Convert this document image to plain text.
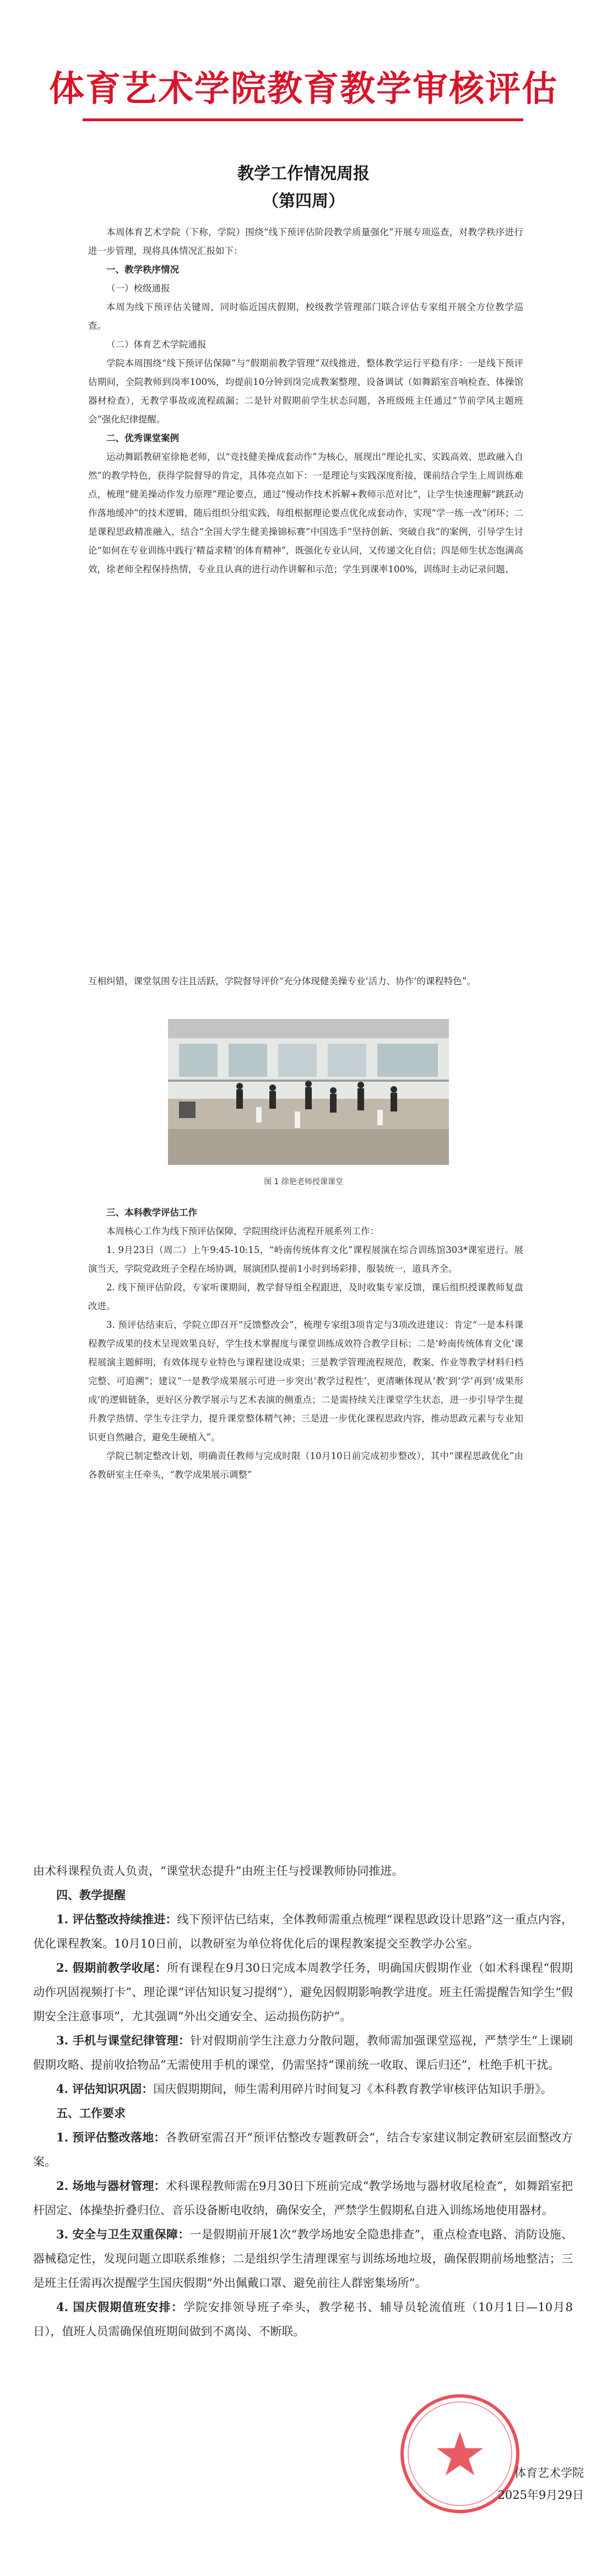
体育艺术学院教育教学审核评估
教学工作情况周报
（第四周）

本周体育艺术学院（下称，学院）围绕“线下预评估阶段教学质量强化”开展专项巡查，对教学秩序进行进一步管理，现将具体情况汇报如下：

一、教学秩序情况

（一）校级通报

本周为线下预评估关键周，同时临近国庆假期，校级教学管理部门联合评估专家组开展全方位教学巡查。

（二）体育艺术学院通报

学院本周围绕“线下预评估保障”与“假期前教学管理”双线推进，整体教学运行平稳有序：一是线下预评估期间，全院教师到岗率100%，均提前10分钟到岗完成教案整理、设备调试（如舞蹈室音响检查、体操馆器材检查），无教学事故或流程疏漏；二是针对假期前学生状态问题，各班级班主任通过“节前学风主题班会”强化纪律提醒。

二、优秀课堂案例

运动舞蹈教研室徐艳老师，以“竞技健美操成套动作”为核心，展现出“理论扎实、实践高效、思政融入自然”的教学特色，获得学院督导的肯定，具体亮点如下：一是理论与实践深度衔接，课前结合学生上周训练难点，梳理“健美操动作发力原理”理论要点，通过“慢动作技术拆解+教师示范对比”，让学生快速理解“跳跃动作落地缓冲”的技术逻辑，随后组织分组实践，每组根据理论要点优化成套动作，实现“学一练一改”闭环；二是课程思政精准融入，结合“全国大学生健美操锦标赛”中国选手“坚持创新、突破自我”的案例，引导学生讨论“如何在专业训练中践行‘精益求精’的体育精神”，既强化专业认同，又传递文化自信；四是师生状态饱满高效，徐老师全程保持热情，专业且认真的进行动作讲解和示范；学生到课率100%，训练时主动记录问题、

互相纠错，课堂氛围专注且活跃，学院督导评价“充分体现健美操专业‘活力、协作’的课程特色”。

图 1 徐艳老师授课课堂

三、本科教学评估工作

本周核心工作为线下预评估保障，学院围绕评估流程开展系列工作：

1. 9月23日（周二）上午9:45-10:15，“岭南传统体育文化”课程展演在综合训练馆303*课室进行。展演当天，学院党政班子全程在场协调，展演团队提前1小时到场彩排，服装统一，道具齐全。

2. 线下预评估阶段，专家听课期间，教学督导组全程跟进，及时收集专家反馈，课后组织授课教师复盘改进。

3. 预评估结束后，学院立即召开“反馈整改会”，梳理专家组3项肯定与3项改进建议：肯定“一是本科课程教学成果的技术呈现效果良好，学生技术掌握度与课堂训练成效符合教学目标；二是‘岭南传统体育文化’课程展演主题鲜明，有效体现专业特色与课程建设成果；三是教学管理流程规范，教案、作业等教学材料归档完整、可追溯”；建议“一是教学成果展示可进一步突出‘教学过程性’，更清晰体现从‘教’到‘学’再到‘成果形成’的逻辑链条，更好区分教学展示与艺术表演的侧重点；二是需持续关注课堂学生状态，进一步引导学生提升教学热情、学生专注学力，提升课堂整体精气神；三是进一步优化课程思政内容，推动思政元素与专业知识更自然融合，避免生硬植入”。

学院已制定整改计划，明确责任教师与完成时限（10月10日前完成初步整改），其中“课程思政优化”由各教研室主任牵头，“教学成果展示调整”

由术科课程负责人负责，“课堂状态提升”由班主任与授课教师协同推进。

四、教学提醒

1. 评估整改持续推进：线下预评估已结束，全体教师需重点梳理“课程思政设计思路”这一重点内容，优化课程教案。10月10日前，以教研室为单位将优化后的课程教案提交至教学办公室。

2. 假期前教学收尾：所有课程在9月30日完成本周教学任务，明确国庆假期作业（如术科课程“假期动作巩固视频打卡”、理论课“评估知识复习提纲”），避免因假期影响教学进度。班主任需提醒告知学生“假期安全注意事项”，尤其强调“外出交通安全、运动损伤防护”。

3. 手机与课堂纪律管理：针对假期前学生注意力分散问题，教师需加强课堂巡视，严禁学生“上课刷假期攻略、提前收拾物品”无需使用手机的课堂，仍需坚持“课前统一收取、课后归还”，杜绝手机干扰。

4. 评估知识巩固：国庆假期期间，师生需利用碎片时间复习《本科教育教学审核评估知识手册》。

五、工作要求

1. 预评估整改落地：各教研室需召开“预评估整改专题教研会”，结合专家建议制定教研室层面整改方案。

2. 场地与器材管理：术科课程教师需在9月30日下班前完成“教学场地与器材收尾检查”，如舞蹈室把杆固定、体操垫折叠归位、音乐设备断电收纳，确保安全，严禁学生假期私自进入训练场地使用器材。

3. 安全与卫生双重保障：一是假期前开展1次“教学场地安全隐患排查”，重点检查电路、消防设施、器械稳定性，发现问题立即联系维修；二是组织学生清理课室与训练场地垃圾，确保假期前场地整洁；三是班主任需再次提醒学生国庆假期“外出佩戴口罩、避免前往人群密集场所”。

4. 国庆假期值班安排：学院安排领导班子牵头，教学秘书、辅导员轮流值班（10月1日—10月8日），值班人员需确保值班期间做到不离岗、不断联。

体育艺术学院
2025年9月29日
